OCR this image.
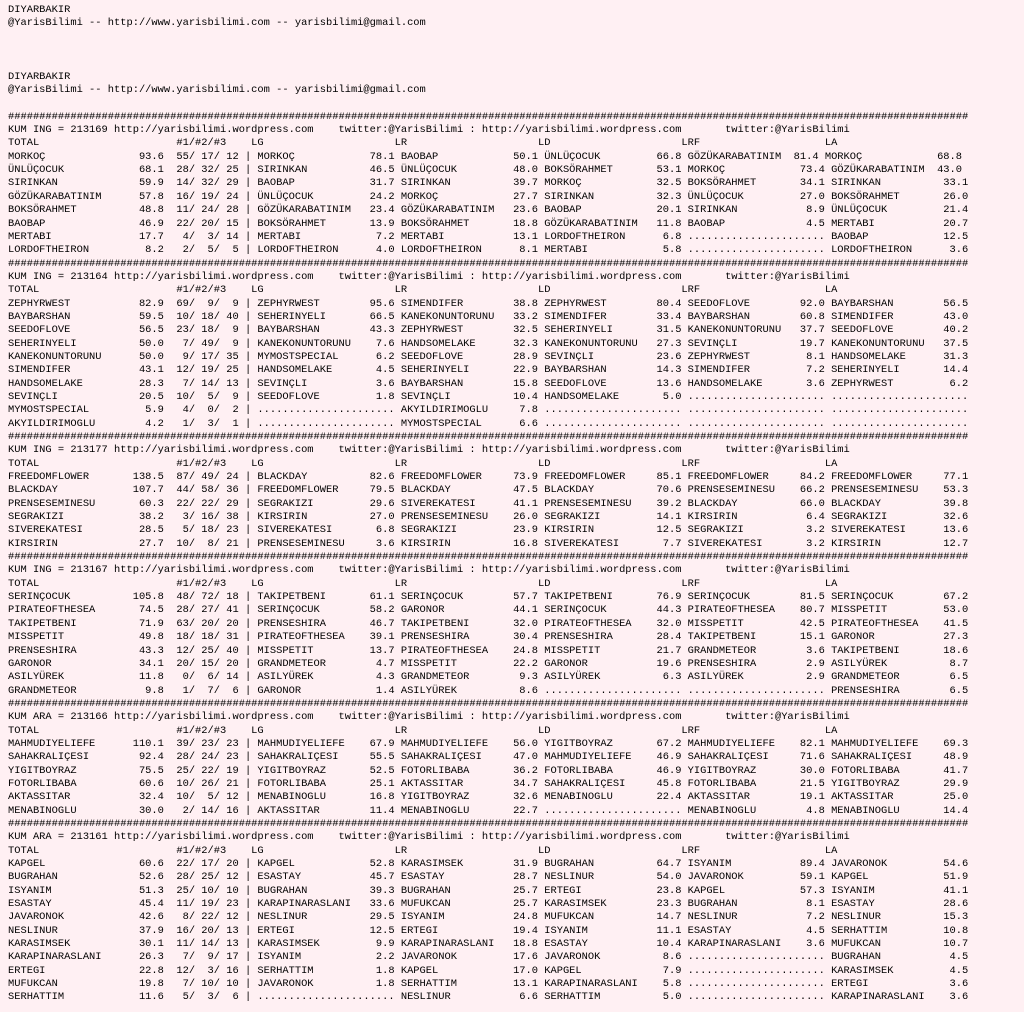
DIYARBAKIR
@YarisBilimi -- http://www.yarisbilimi.com -- yarisbilimi@gmail.com
DIYARBAKIR
@YarisBilimi -- http://www.yarisbilimi.com -- yarisbilimi@gmail.com
##########################################################################################################################################################
KUM ING = 213169 http://yarisbilimi.wordpress.com    twitter:@YarisBilimi : http://yarisbilimi.wordpress.com       twitter:@YarisBilimi
TOTAL                      #1/#2/#3    LG                     LR                     LD                     LRF                    LA
MORKOÇ               93.6  55/ 17/ 12 | MORKOÇ            78.1 BAOBAP            50.1 ÜNLÜÇOCUK         66.8 GÖZÜKARABATINIM  81.4 MORKOÇ            68.8
ÜNLÜÇOCUK            68.1  28/ 32/ 25 | SIRINKAN          46.5 ÜNLÜÇOCUK         48.0 BOKSÖRAHMET       53.1 MORKOÇ            73.4 GÖZÜKARABATINIM  43.0
SIRINKAN             59.9  14/ 32/ 29 | BAOBAP            31.7 SIRINKAN          39.7 MORKOÇ            32.5 BOKSÖRAHMET       34.1 SIRINKAN          33.1
GÖZÜKARABATINIM      57.8  16/ 19/ 24 | ÜNLÜÇOCUK         24.2 MORKOÇ            27.7 SIRINKAN          32.3 ÜNLÜÇOCUK         27.0 BOKSÖRAHMET       26.0
BOKSÖRAHMET          48.8  11/ 24/ 28 | GÖZÜKARABATINIM   23.4 GÖZÜKARABATINIM   23.6 BAOBAP            20.1 SIRINKAN           8.9 ÜNLÜÇOCUK         21.4
BAOBAP               46.9  22/ 20/ 15 | BOKSÖRAHMET       13.9 BOKSÖRAHMET       18.8 GÖZÜKARABATINIM   11.8 BAOBAP             4.5 MERTABI           20.7
MERTABI              17.7   4/  3/ 14 | MERTABI            7.2 MERTABI           13.1 LORDOFTHEIRON      6.8 ...................... BAOBAP            12.5
LORDOFTHEIRON         8.2   2/  5/  5 | LORDOFTHEIRON      4.0 LORDOFTHEIRON      8.1 MERTABI            5.8 ...................... LORDOFTHEIRON      3.6
##########################################################################################################################################################
KUM ING = 213164 http://yarisbilimi.wordpress.com    twitter:@YarisBilimi : http://yarisbilimi.wordpress.com       twitter:@YarisBilimi
TOTAL                      #1/#2/#3    LG                     LR                     LD                     LRF                    LA
ZEPHYRWEST           82.9  69/  9/  9 | ZEPHYRWEST        95.6 SIMENDIFER        38.8 ZEPHYRWEST        80.4 SEEDOFLOVE        92.0 BAYBARSHAN        56.5
BAYBARSHAN           59.5  10/ 18/ 40 | SEHERINYELI       66.5 KANEKONUNTORUNU   33.2 SIMENDIFER        33.4 BAYBARSHAN        60.8 SIMENDIFER        43.0
SEEDOFLOVE           56.5  23/ 18/  9 | BAYBARSHAN        43.3 ZEPHYRWEST        32.5 SEHERINYELI       31.5 KANEKONUNTORUNU   37.7 SEEDOFLOVE        40.2
SEHERINYELI          50.0   7/ 49/  9 | KANEKONUNTORUNU    7.6 HANDSOMELAKE      32.3 KANEKONUNTORUNU   27.3 SEVINÇLI          19.7 KANEKONUNTORUNU   37.5
KANEKONUNTORUNU      50.0   9/ 17/ 35 | MYMOSTSPECIAL      6.2 SEEDOFLOVE        28.9 SEVINÇLI          23.6 ZEPHYRWEST         8.1 HANDSOMELAKE      31.3
SIMENDIFER           43.1  12/ 19/ 25 | HANDSOMELAKE       4.5 SEHERINYELI       22.9 BAYBARSHAN        14.3 SIMENDIFER         7.2 SEHERINYELI       14.4
HANDSOMELAKE         28.3   7/ 14/ 13 | SEVINÇLI           3.6 BAYBARSHAN        15.8 SEEDOFLOVE        13.6 HANDSOMELAKE       3.6 ZEPHYRWEST         6.2
SEVINÇLI             20.5  10/  5/  9 | SEEDOFLOVE         1.8 SEVINÇLI          10.4 HANDSOMELAKE       5.0 ...................... ......................
MYMOSTSPECIAL         5.9   4/  0/  2 | ...................... AKYILDIRIMOGLU     7.8 ...................... ...................... ......................
AKYILDIRIMOGLU        4.2   1/  3/  1 | ...................... MYMOSTSPECIAL      6.6 ...................... ...................... ......................
##########################################################################################################################################################
KUM ING = 213177 http://yarisbilimi.wordpress.com    twitter:@YarisBilimi : http://yarisbilimi.wordpress.com       twitter:@YarisBilimi
TOTAL                      #1/#2/#3    LG                     LR                     LD                     LRF                    LA
FREEDOMFLOWER       138.5  87/ 49/ 24 | BLACKDAY          82.6 FREEDOMFLOWER     73.9 FREEDOMFLOWER     85.1 FREEDOMFLOWER     84.2 FREEDOMFLOWER     77.1
BLACKDAY            107.7  44/ 58/ 36 | FREEDOMFLOWER     79.5 BLACKDAY          47.5 BLACKDAY          70.6 PRENSESEMINESU    66.2 PRENSESEMINESU    53.3
PRENSESEMINESU       60.3  22/ 22/ 29 | SEGRAKIZI         29.6 SIVEREKATESI      41.1 PRENSESEMINESU    39.2 BLACKDAY          66.0 BLACKDAY          39.8
SEGRAKIZI            38.2   3/ 16/ 38 | KIRSIRIN          27.0 PRENSESEMINESU    26.0 SEGRAKIZI         14.1 KIRSIRIN           6.4 SEGRAKIZI         32.6
SIVEREKATESI         28.5   5/ 18/ 23 | SIVEREKATESI       6.8 SEGRAKIZI         23.9 KIRSIRIN          12.5 SEGRAKIZI          3.2 SIVEREKATESI      13.6
KIRSIRIN             27.7  10/  8/ 21 | PRENSESEMINESU     3.6 KIRSIRIN          16.8 SIVEREKATESI       7.7 SIVEREKATESI       3.2 KIRSIRIN          12.7
##########################################################################################################################################################
KUM ING = 213167 http://yarisbilimi.wordpress.com    twitter:@YarisBilimi : http://yarisbilimi.wordpress.com       twitter:@YarisBilimi
TOTAL                      #1/#2/#3    LG                     LR                     LD                     LRF                    LA
SERINÇOCUK          105.8  48/ 72/ 18 | TAKIPETBENI       61.1 SERINÇOCUK        57.7 TAKIPETBENI       76.9 SERINÇOCUK        81.5 SERINÇOCUK        67.2
PIRATEOFTHESEA       74.5  28/ 27/ 41 | SERINÇOCUK        58.2 GARONOR           44.1 SERINÇOCUK        44.3 PIRATEOFTHESEA    80.7 MISSPETIT         53.0
TAKIPETBENI          71.9  63/ 20/ 20 | PRENSESHIRA       46.7 TAKIPETBENI       32.0 PIRATEOFTHESEA    32.0 MISSPETIT         42.5 PIRATEOFTHESEA    41.5
MISSPETIT            49.8  18/ 18/ 31 | PIRATEOFTHESEA    39.1 PRENSESHIRA       30.4 PRENSESHIRA       28.4 TAKIPETBENI       15.1 GARONOR           27.3
PRENSESHIRA          43.3  12/ 25/ 40 | MISSPETIT         13.7 PIRATEOFTHESEA    24.8 MISSPETIT         21.7 GRANDMETEOR        3.6 TAKIPETBENI       18.6
GARONOR              34.1  20/ 15/ 20 | GRANDMETEOR        4.7 MISSPETIT         22.2 GARONOR           19.6 PRENSESHIRA        2.9 ASILYÜREK          8.7
ASILYÜREK            11.8   0/  6/ 14 | ASILYÜREK          4.3 GRANDMETEOR        9.3 ASILYÜREK          6.3 ASILYÜREK          2.9 GRANDMETEOR        6.5
GRANDMETEOR           9.8   1/  7/  6 | GARONOR            1.4 ASILYÜREK          8.6 ...................... ...................... PRENSESHIRA        6.5
##########################################################################################################################################################
KUM ARA = 213166 http://yarisbilimi.wordpress.com    twitter:@YarisBilimi : http://yarisbilimi.wordpress.com       twitter:@YarisBilimi
TOTAL                      #1/#2/#3    LG                     LR                     LD                     LRF                    LA
MAHMUDIYELIEFE      110.1  39/ 23/ 23 | MAHMUDIYELIEFE    67.9 MAHMUDIYELIEFE    56.0 YIGITBOYRAZ       67.2 MAHMUDIYELIEFE    82.1 MAHMUDIYELIEFE    69.3
SAHAKRALIÇESI        92.4  28/ 24/ 23 | SAHAKRALIÇESI     55.5 SAHAKRALIÇESI     47.0 MAHMUDIYELIEFE    46.9 SAHAKRALIÇESI     71.6 SAHAKRALIÇESI     48.9
YIGITBOYRAZ          75.5  25/ 22/ 19 | YIGITBOYRAZ       52.5 FOTORLIBABA       36.2 FOTORLIBABA       46.9 YIGITBOYRAZ       30.0 FOTORLIBABA       41.7
FOTORLIBABA          60.6  10/ 26/ 21 | FOTORLIBABA       25.1 AKTASSITAR        34.7 SAHAKRALIÇESI     45.8 FOTORLIBABA       21.5 YIGITBOYRAZ       29.9
AKTASSITAR           32.4  10/  5/ 12 | MENABINOGLU       16.8 YIGITBOYRAZ       32.6 MENABINOGLU       22.4 AKTASSITAR        19.1 AKTASSITAR        25.0
MENABINOGLU          30.0   2/ 14/ 16 | AKTASSITAR        11.4 MENABINOGLU       22.7 ...................... MENABINOGLU        4.8 MENABINOGLU       14.4
##########################################################################################################################################################
KUM ARA = 213161 http://yarisbilimi.wordpress.com    twitter:@YarisBilimi : http://yarisbilimi.wordpress.com       twitter:@YarisBilimi
TOTAL                      #1/#2/#3    LG                     LR                     LD                     LRF                    LA
KAPGEL               60.6  22/ 17/ 20 | KAPGEL            52.8 KARASIMSEK        31.9 BUGRAHAN          64.7 ISYANIM           89.4 JAVARONOK         54.6
BUGRAHAN             52.6  28/ 25/ 12 | ESASTAY           45.7 ESASTAY           28.7 NESLINUR          54.0 JAVARONOK         59.1 KAPGEL            51.9
ISYANIM              51.3  25/ 10/ 10 | BUGRAHAN          39.3 BUGRAHAN          25.7 ERTEGI            23.8 KAPGEL            57.3 ISYANIM           41.1
ESASTAY              45.4  11/ 19/ 23 | KARAPINARASLANI   33.6 MUFUKCAN          25.7 KARASIMSEK        23.3 BUGRAHAN           8.1 ESASTAY           28.6
JAVARONOK            42.6   8/ 22/ 12 | NESLINUR          29.5 ISYANIM           24.8 MUFUKCAN          14.7 NESLINUR           7.2 NESLINUR          15.3
NESLINUR             37.9  16/ 20/ 13 | ERTEGI            12.5 ERTEGI            19.4 ISYANIM           11.1 ESASTAY            4.5 SERHATTIM         10.8
KARASIMSEK           30.1  11/ 14/ 13 | KARASIMSEK         9.9 KARAPINARASLANI   18.8 ESASTAY           10.4 KARAPINARASLANI    3.6 MUFUKCAN          10.7
KARAPINARASLANI      26.3   7/  9/ 17 | ISYANIM            2.2 JAVARONOK         17.6 JAVARONOK          8.6 ...................... BUGRAHAN           4.5
ERTEGI               22.8  12/  3/ 16 | SERHATTIM          1.8 KAPGEL            17.0 KAPGEL             7.9 ...................... KARASIMSEK         4.5
MUFUKCAN             19.8   7/ 10/ 10 | JAVARONOK          1.8 SERHATTIM         13.1 KARAPINARASLANI    5.8 ...................... ERTEGI             3.6
SERHATTIM            11.6   5/  3/  6 | ...................... NESLINUR           6.6 SERHATTIM          5.0 ...................... KARAPINARASLANI    3.6
